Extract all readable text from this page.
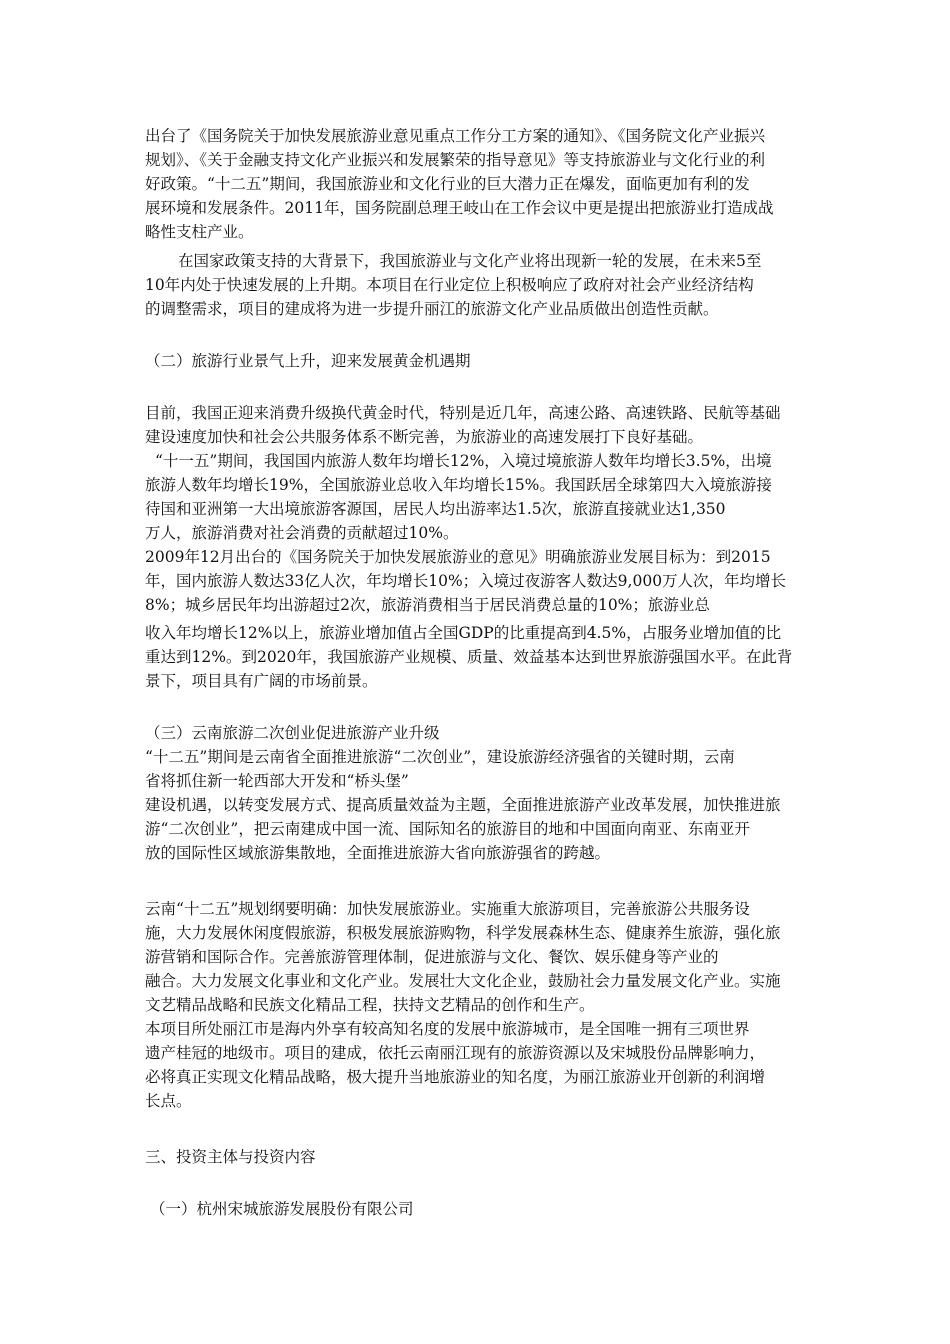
出台了《国务院关于加快发展旅游业意见重点工作分工方案的通知》、《国务院文化产业振兴
规划》、《关于金融支持文化产业振兴和发展繁荣的指导意见》等支持旅游业与文化行业的利
好政策。“十二五”期间，我国旅游业和文化行业的巨大潜力正在爆发，面临更加有利的发
展环境和发展条件。2011年，国务院副总理王岐山在工作会议中更是提出把旅游业打造成战
略性支柱产业。
在国家政策支持的大背景下，我国旅游业与文化产业将出现新一轮的发展，在未来5至
10年内处于快速发展的上升期。本项目在行业定位上积极响应了政府对社会产业经济结构
的调整需求，项目的建成将为进一步提升丽江的旅游文化产业品质做出创造性贡献。
（二）旅游行业景气上升，迎来发展黄金机遇期
目前，我国正迎来消费升级换代黄金时代，特别是近几年，高速公路、高速铁路、民航等基础
建设速度加快和社会公共服务体系不断完善，为旅游业的高速发展打下良好基础。
“十一五”期间，我国国内旅游人数年均增长12%，入境过境旅游人数年均增长3.5%，出境
旅游人数年均增长19%，全国旅游业总收入年均增长15%。我国跃居全球第四大入境旅游接
待国和亚洲第一大出境旅游客源国，居民人均出游率达1.5次，旅游直接就业达1,350
万人，旅游消费对社会消费的贡献超过10%。
2009年12月出台的《国务院关于加快发展旅游业的意见》明确旅游业发展目标为：到2015
年，国内旅游人数达33亿人次，年均增长10%；入境过夜游客人数达9,000万人次，年均增长
8%；城乡居民年均出游超过2次，旅游消费相当于居民消费总量的10%；旅游业总
收入年均增长12%以上，旅游业增加值占全国GDP的比重提高到4.5%，占服务业增加值的比
重达到12%。到2020年，我国旅游产业规模、质量、效益基本达到世界旅游强国水平。在此背
景下，项目具有广阔的市场前景。
（三）云南旅游二次创业促进旅游产业升级
“十二五”期间是云南省全面推进旅游“二次创业”，建设旅游经济强省的关键时期，云南
省将抓住新一轮西部大开发和“桥头堡”
建设机遇，以转变发展方式、提高质量效益为主题，全面推进旅游产业改革发展，加快推进旅
游“二次创业”，把云南建成中国一流、国际知名的旅游目的地和中国面向南亚、东南亚开
放的国际性区域旅游集散地，全面推进旅游大省向旅游强省的跨越。
云南“十二五”规划纲要明确：加快发展旅游业。实施重大旅游项目，完善旅游公共服务设
施，大力发展休闲度假旅游，积极发展旅游购物，科学发展森林生态、健康养生旅游，强化旅
游营销和国际合作。完善旅游管理体制，促进旅游与文化、餐饮、娱乐健身等产业的
融合。大力发展文化事业和文化产业。发展壮大文化企业，鼓励社会力量发展文化产业。实施
文艺精品战略和民族文化精品工程，扶持文艺精品的创作和生产。
本项目所处丽江市是海内外享有较高知名度的发展中旅游城市，是全国唯一拥有三项世界
遗产桂冠的地级市。项目的建成，依托云南丽江现有的旅游资源以及宋城股份品牌影响力，
必将真正实现文化精品战略，极大提升当地旅游业的知名度，为丽江旅游业开创新的利润增
长点。
三、投资主体与投资内容
（一）杭州宋城旅游发展股份有限公司
